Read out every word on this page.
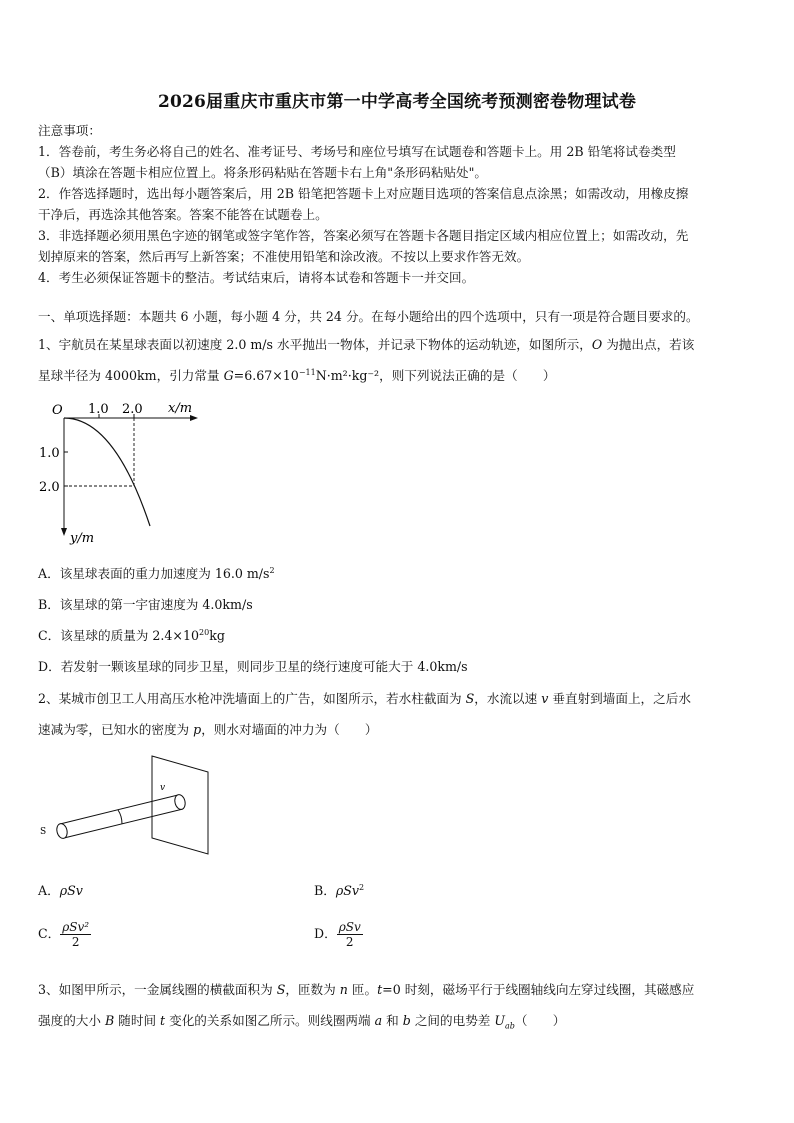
2026届重庆市重庆市第一中学高考全国统考预测密卷物理试卷
注意事项：
1．答卷前，考生务必将自己的姓名、准考证号、考场号和座位号填写在试题卷和答题卡上。用 2B 铅笔将试卷类型
（B）填涂在答题卡相应位置上。将条形码粘贴在答题卡右上角"条形码粘贴处"。
2．作答选择题时，选出每小题答案后，用 2B 铅笔把答题卡上对应题目选项的答案信息点涂黑；如需改动，用橡皮擦
干净后，再选涂其他答案。答案不能答在试题卷上。
3．非选择题必须用黑色字迹的钢笔或签字笔作答，答案必须写在答题卡各题目指定区域内相应位置上；如需改动，先
划掉原来的答案，然后再写上新答案；不准使用铅笔和涂改液。不按以上要求作答无效。
4．考生必须保证答题卡的整洁。考试结束后，请将本试卷和答题卡一并交回。
一、单项选择题：本题共 6 小题，每小题 4 分，共 24 分。在每小题给出的四个选项中，只有一项是符合题目要求的。
1、宇航员在某星球表面以初速度 2.0 m/s 水平抛出一物体，并记录下物体的运动轨迹，如图所示，O 为抛出点，若该
星球半径为 4000km，引力常量 $G=6.67\times 10^{-11}N\cdot m^2\cdot kg^{-2}$，则下列说法正确的是（　　）
O 1.0 2.0 x/m
1.0
2.0
y/m
A．该星球表面的重力加速度为 16.0 $m/s^2$
B．该星球的第一宇宙速度为 4.0km/s
C．该星球的质量为 $2.4\times 10^{20}kg$
D．若发射一颗该星球的同步卫星，则同步卫星的绕行速度可能大于 4.0km/s
2、某城市创卫工人用高压水枪冲洗墙面上的广告，如图所示，若水柱截面为 S，水流以速 v 垂直射到墙面上，之后水
速减为零，已知水的密度为 p，则水对墙面的冲力为（　　）
v
S
A．ρSv	B．ρSv$^2$
C． $\frac{\text{ρSv²}}{2}$	D． $\frac{\text{ρSv}}{2}$
3、如图甲所示，一金属线圈的横截面积为 S，匝数为 n 匝。t=0 时刻，磁场平行于线圈轴线向左穿过线圈，其磁感应
强度的大小 B 随时间 t 变化的关系如图乙所示。则线圈两端 a 和 b 之间的电势差 $U_{ab}$（　　）
